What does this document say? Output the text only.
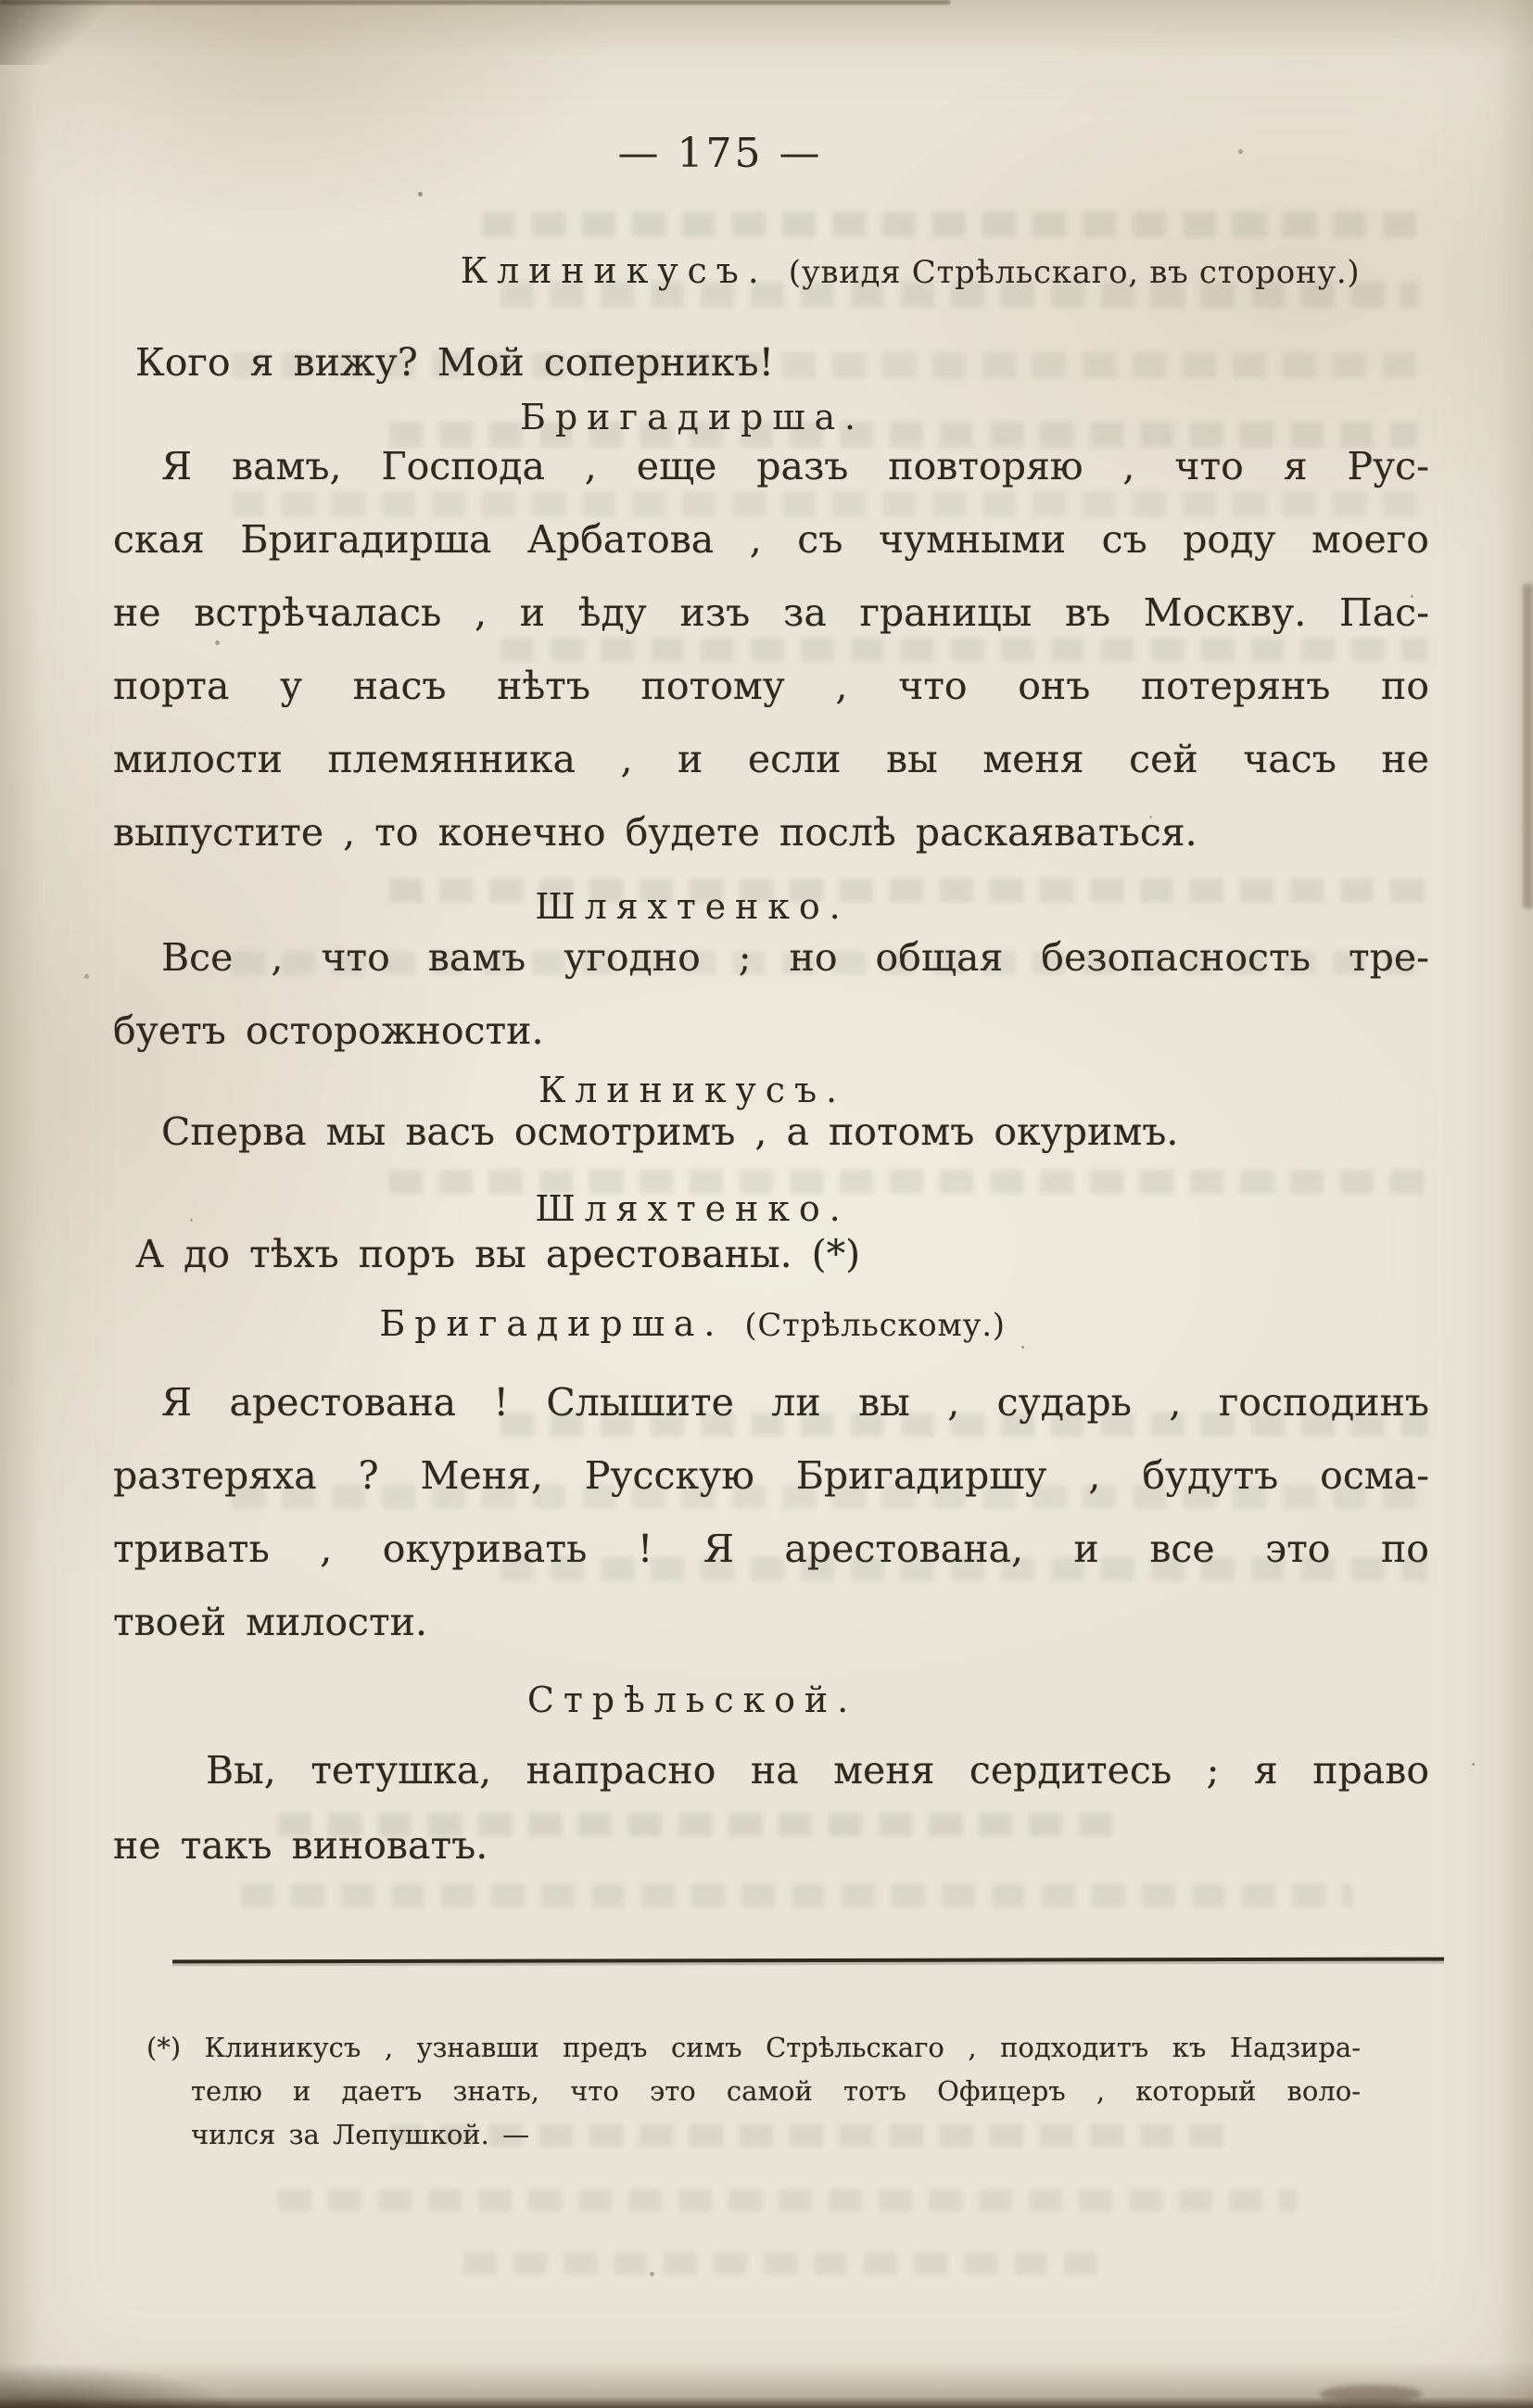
— 175 —
Клиникусъ. (увидя Стрѣльскаго, въ сторону.)
Кого я вижу? Мой соперникъ!
Бригадирша.
Я вамъ, Господа , еще разъ повторяю , что я Рус-
ская Бригадирша Арбатова , съ чумными съ роду моего
не встрѣчалась , и ѣду изъ за границы въ Москву. Пас-
порта у насъ нѣтъ потому , что онъ потерянъ по
милости племянника , и если вы меня сей часъ не
выпустите , то конечно будете послѣ раскаяваться.
Шляхтенко.
Все , что вамъ угодно ; но общая безопасность тре-
буетъ осторожности.
Клиникусъ.
Сперва мы васъ осмотримъ , а потомъ окуримъ.
Шляхтенко.
А до тѣхъ поръ вы арестованы. (*)
Бригадирша. (Стрѣльскому.)
Я арестована ! Слышите ли вы , сударь , господинъ
разтеряха ? Меня, Русскую Бригадиршу , будутъ осма-
тривать , окуривать ! Я арестована, и все это по
твоей милости.
Стрѣльской.
Вы, тетушка, напрасно на меня сердитесь ; я право
не такъ виноватъ.
(*) Клиникусъ , узнавши предъ симъ Стрѣльскаго , подходитъ къ Надзира-
телю и даетъ знать, что это самой тотъ Офицеръ , который воло-
чился за Лепушкой. —
